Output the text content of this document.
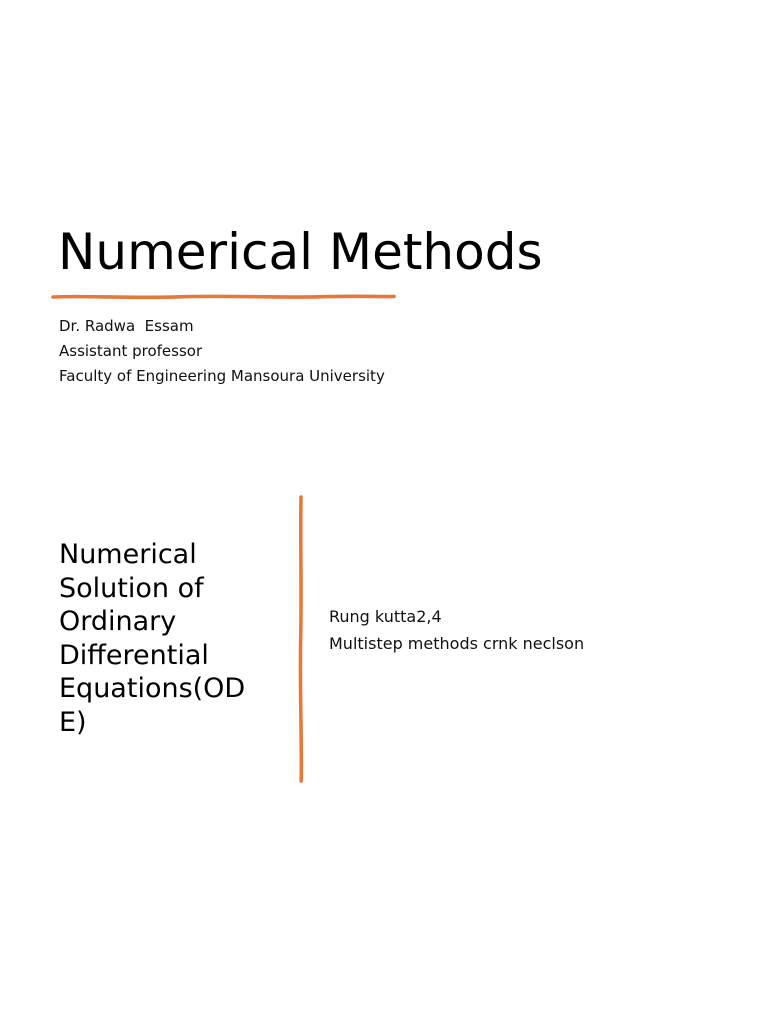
Numerical Methods
Dr. Radwa  Essam
Assistant professor
Faculty of Engineering Mansoura University
Numerical
Solution of
Ordinary
Differential
Equations(OD
E)
Rung kutta2,4
Multistep methods crnk neclson
